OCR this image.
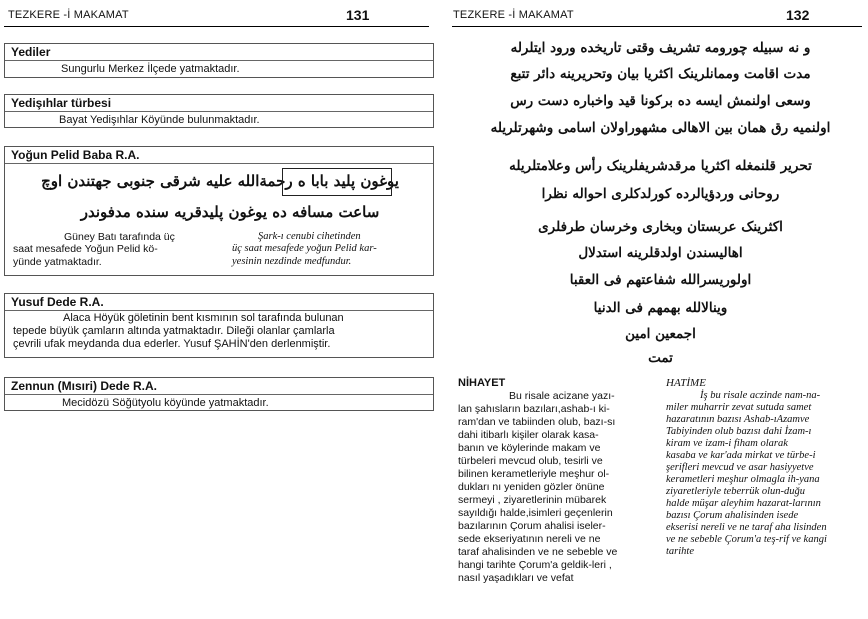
TEZKERE -İ MAKAMAT	131
Yediler
Sungurlu Merkez İlçede yatmaktadır.
Yedişıhlar türbesi
Bayat Yedişıhlar Köyünde bulunmaktadır.
Yoğun Pelid Baba R.A.
یوغون پلید بابا ه رحمةالله علیه شرقی جنوبی جهتندن اوچ
ساعت مسافه ده یوغون پلیدقریه سنده مدفوندر
Güney Batı tarafında üç
saat mesafede Yoğun Pelid kö-
yünde yatmaktadır.
Şark-ı cenubi cihetinden
üç saat mesafede yoğun Pelid kar-
yesinin nezdinde medfundur.
Yusuf Dede R.A.
Alaca Höyük göletinin bent kısmının sol tarafında bulunan
tepede büyük çamların altında yatmaktadır. Dileği olanlar çamlarla
çevrili ufak meydanda dua ederler. Yusuf ŞAHİN'den derlenmiştir.
Zennun (Mısıri) Dede R.A.
Mecidözü Söğütyolu köyünde yatmaktadır.
TEZKERE -İ MAKAMAT	132
و نه سبیله چورومه تشریف وقتی تاریخده ورود ایتلرله
مدت اقامت وممانلرینک اکثریا بیان وتحریرینه دائر تتبع
وسعی اولنمش ایسه ده برکونا قید واخباره دست رس
اولنمیه رق همان بین الاهالی مشهوراولان اسامی وشهرتلریله
تحریر قلنمغله اکثریا مرقدشریفلرینک رأس وعلامتلریله
روحانی وردؤیالرده کورلدکلری احواله نظرا
اکثرینک عربستان وبخاری وخرسان طرفلری
اهالیسندن اولدقلرینه استدلال
اولوریسرالله شفاعتهم فی العقبا
وینالالله بهمهم فی الدنیا
اجمعین امین
تمت
NİHAYET
Bu risale acizane yazı-
lan şahısların bazıları,ashab-ı ki-
ram'dan ve tabiinden olub, bazı-sı
dahi itibarlı kişiler olarak kasa-
banın ve köylerinde makam ve
türbeleri mevcud olub, tesirli ve
bilinen kerametleriyle meşhur ol-
dukları nı yeniden gözler önüne
sermeyi , ziyaretlerinin mübarek
sayıldığı halde,isimleri geçenlerin
bazılarının Çorum ahalisi iseler-
sede ekseriyatının nereli ve ne
taraf ahalisinden ve ne sebeble ve
hangi tarihte Çorum'a geldik-leri ,
nasıl yaşadıkları ve vefat
HATİME
İş bu risale aczinde nam-na-
miler muharrir zevat sutuda samet
hazaratının bazısı Ashab-ıAzamve
Tabiyinden olub bazısı dahi İzam-ı
kiram ve izam-i fiham olarak
kasaba ve kar'ada mirkat ve türbe-i
şerifleri mevcud ve asar hasiyyetve
kerametleri meşhur olmagla ih-yana
ziyaretleriyle teberrük olun-duğu
halde müşar aleyhim hazarat-larının
bazısı Çorum ahalisinden isede
ekserisi nereli ve ne taraf aha lisinden
ve ne sebeble Çorum'a teş-rif ve kangi
tarihte
